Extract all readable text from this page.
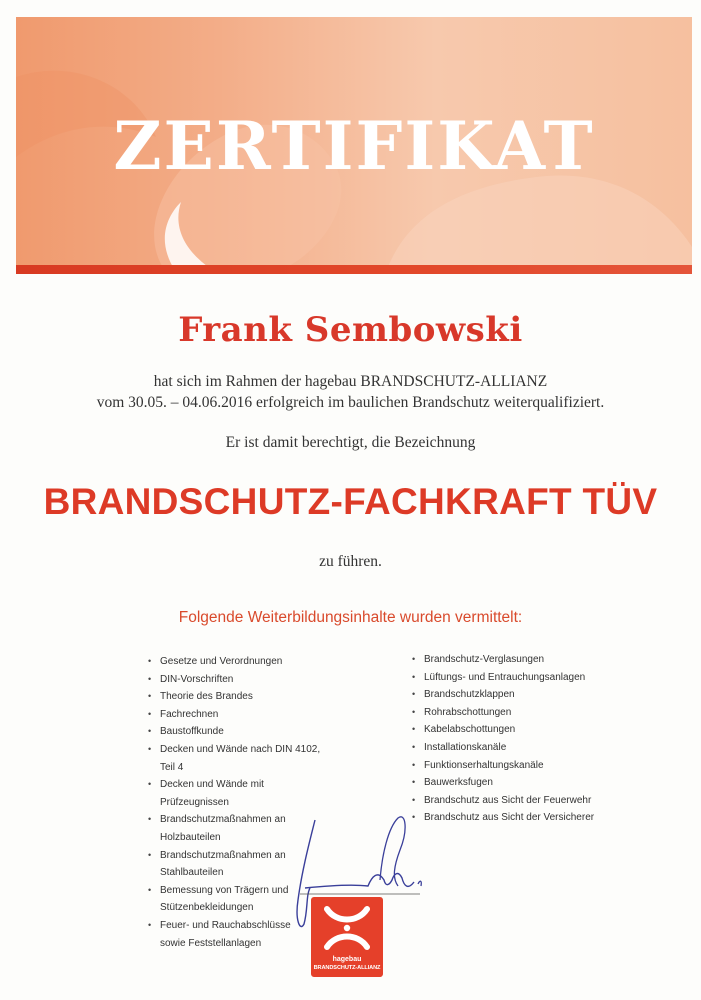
ZERTIFIKAT
Frank Sembowski
hat sich im Rahmen der hagebau BRANDSCHUTZ-ALLIANZ
vom 30.05. – 04.06.2016 erfolgreich im baulichen Brandschutz weiterqualifiziert.
Er ist damit berechtigt, die Bezeichnung
BRANDSCHUTZ-FACHKRAFT TÜV
zu führen.
Folgende Weiterbildungsinhalte wurden vermittelt:
• Gesetze und Verordnungen
• DIN-Vorschriften
• Theorie des Brandes
• Fachrechnen
• Baustoffkunde
• Decken und Wände nach DIN 4102, Teil 4
• Decken und Wände mit Prüfzeugnissen
• Brandschutzmaßnahmen an Holzbauteilen
• Brandschutzmaßnahmen an Stahlbauteilen
• Bemessung von Trägern und
Stützenbekleidungen
• Feuer- und Rauchabschlüsse
sowie Feststellanlagen
• Brandschutz-Verglasungen
• Lüftungs- und Entrauchungsanlagen
• Brandschutzklappen
• Rohrabschottungen
• Kabelabschottungen
• Installationskanäle
• Funktionserhaltungskanäle
• Bauwerksfugen
• Brandschutz aus Sicht der Feuerwehr
• Brandschutz aus Sicht der Versicherer
hagebau
BRANDSCHUTZ-ALLIANZ
